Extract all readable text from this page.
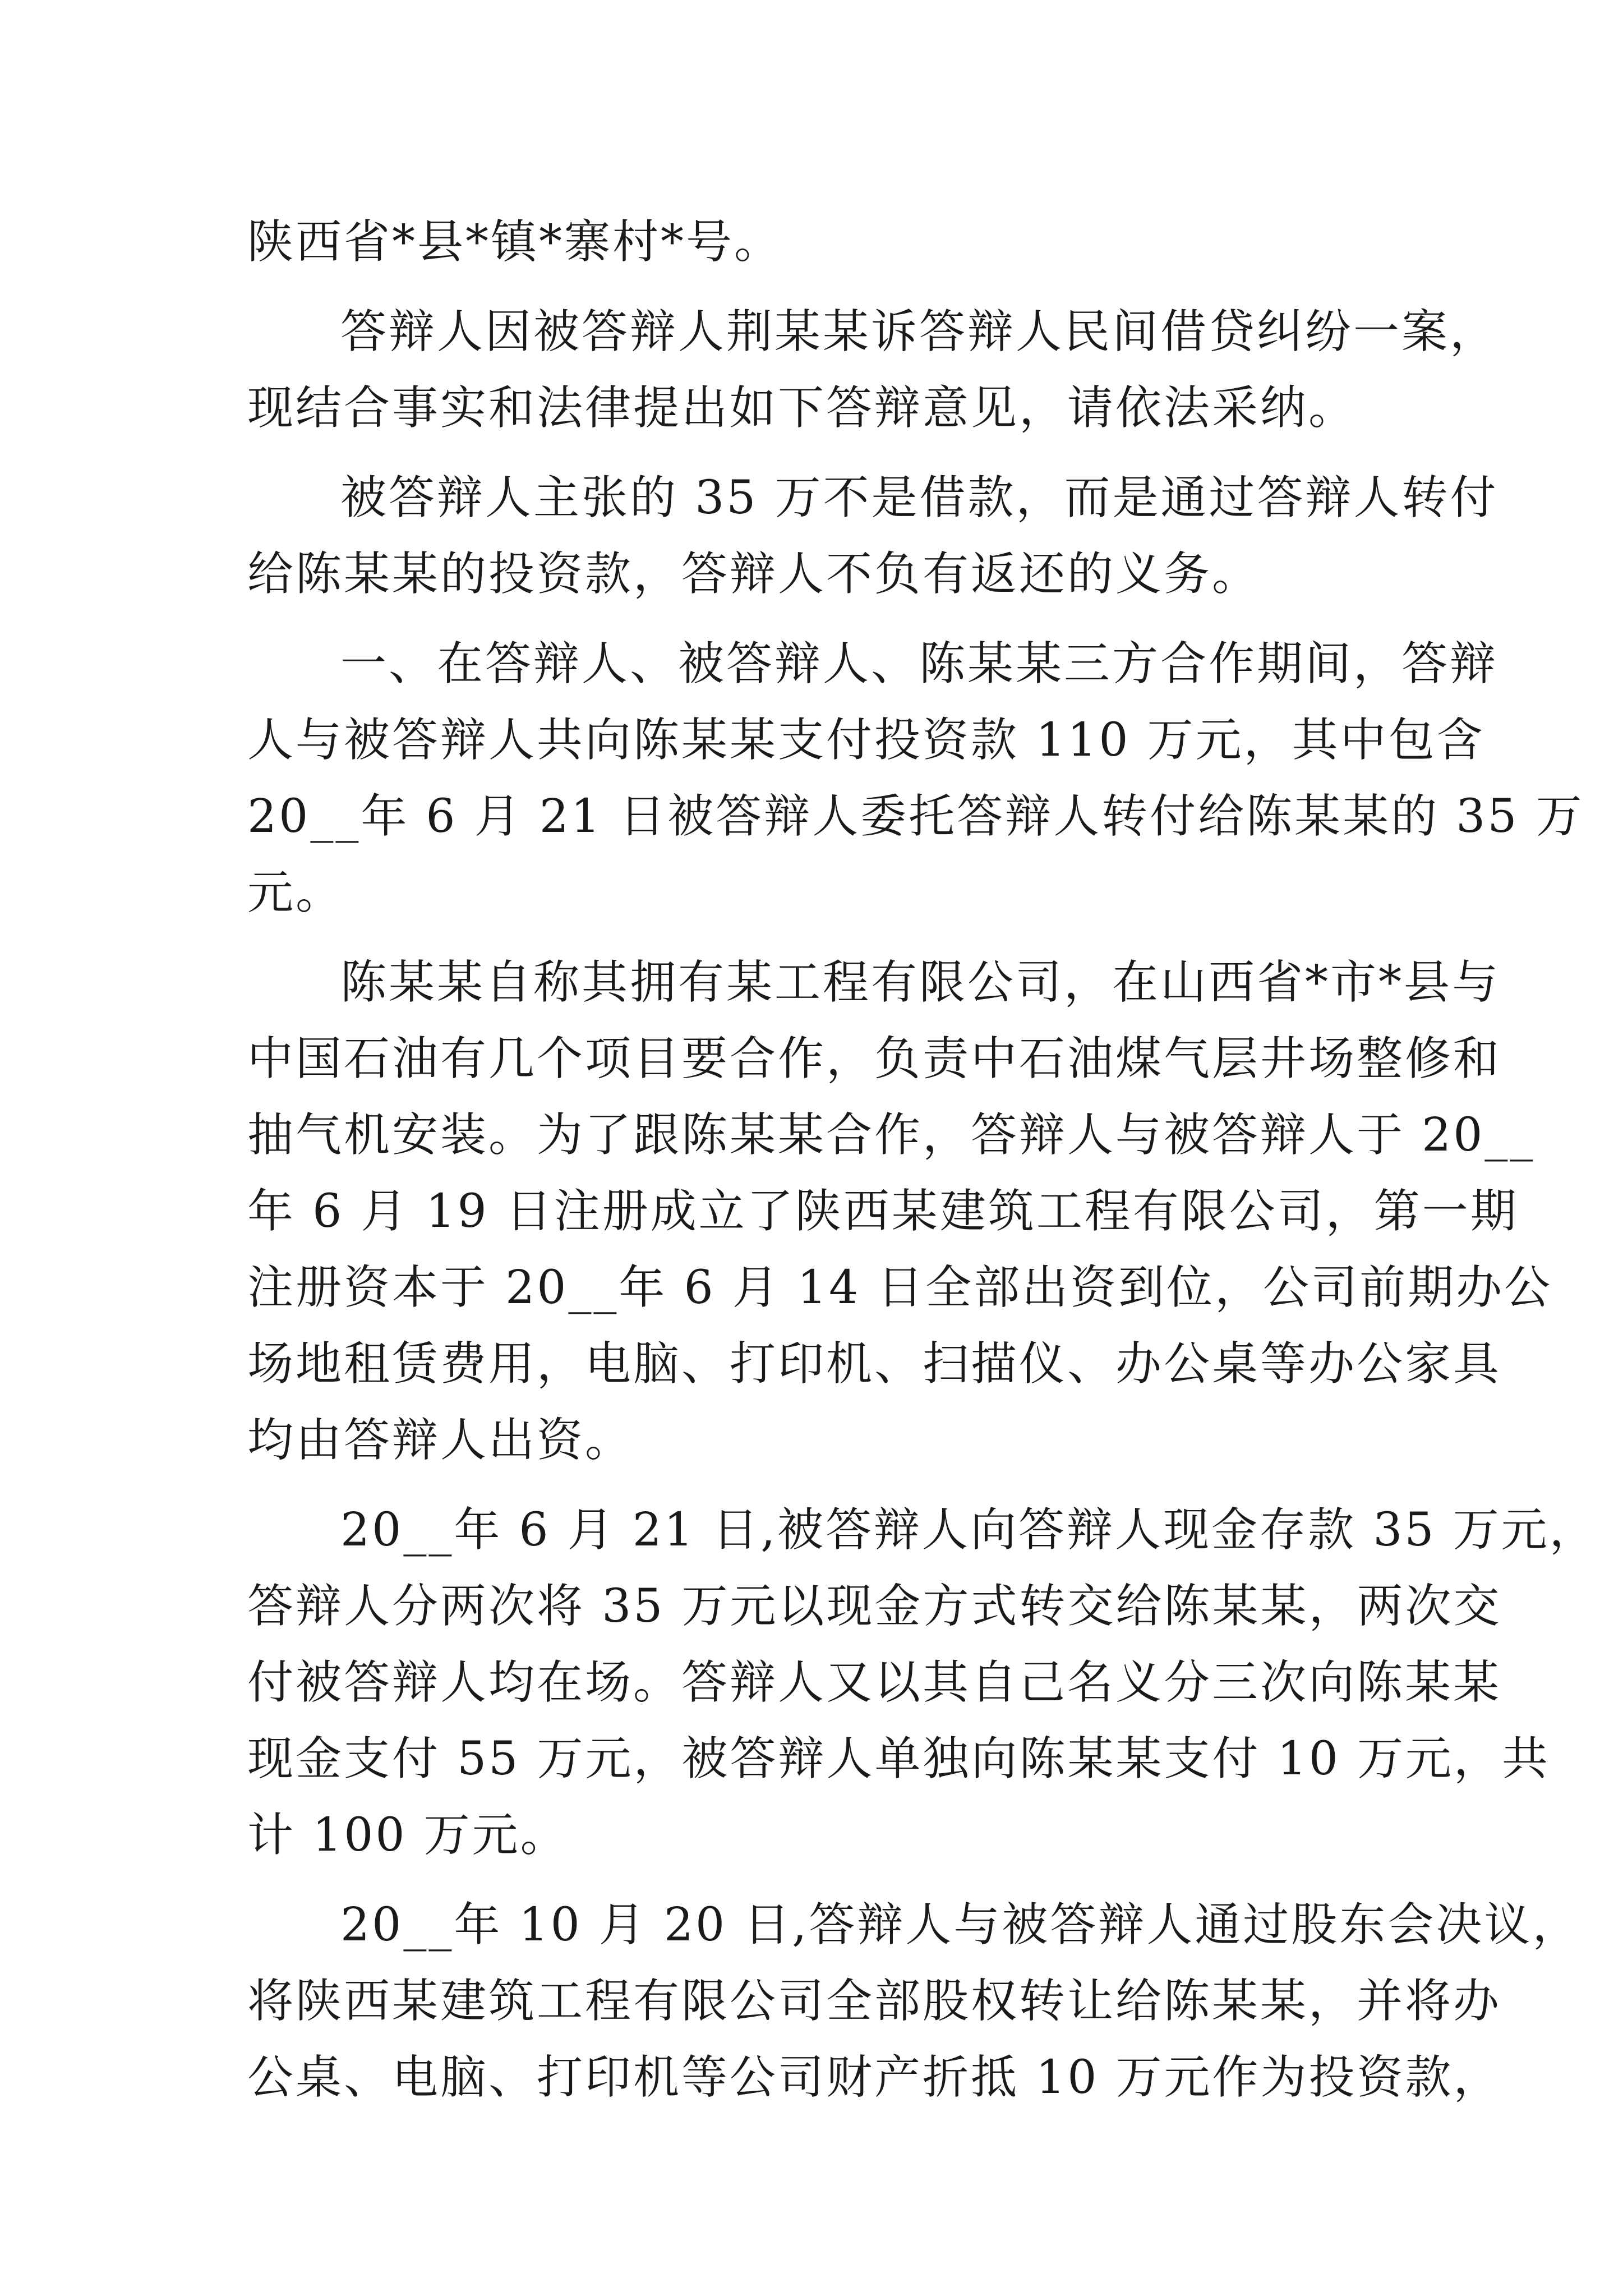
陕西省*县*镇*寨村*号。
答辩人因被答辩人荆某某诉答辩人民间借贷纠纷一案，
现结合事实和法律提出如下答辩意见，请依法采纳。
被答辩人主张的 35 万不是借款，而是通过答辩人转付
给陈某某的投资款，答辩人不负有返还的义务。
一、在答辩人、被答辩人、陈某某三方合作期间，答辩
人与被答辩人共向陈某某支付投资款 110 万元，其中包含
20__年 6 月 21 日被答辩人委托答辩人转付给陈某某的 35 万
元。
陈某某自称其拥有某工程有限公司，在山西省*市*县与
中国石油有几个项目要合作，负责中石油煤气层井场整修和
抽气机安装。为了跟陈某某合作，答辩人与被答辩人于 20__
年 6 月 19 日注册成立了陕西某建筑工程有限公司，第一期
注册资本于 20__年 6 月 14 日全部出资到位，公司前期办公
场地租赁费用，电脑、打印机、扫描仪、办公桌等办公家具
均由答辩人出资。
20__年 6 月 21 日,被答辩人向答辩人现金存款 35 万元，
答辩人分两次将 35 万元以现金方式转交给陈某某，两次交
付被答辩人均在场。答辩人又以其自己名义分三次向陈某某
现金支付 55 万元，被答辩人单独向陈某某支付 10 万元，共
计 100 万元。
20__年 10 月 20 日,答辩人与被答辩人通过股东会决议，
将陕西某建筑工程有限公司全部股权转让给陈某某，并将办
公桌、电脑、打印机等公司财产折抵 10 万元作为投资款，
